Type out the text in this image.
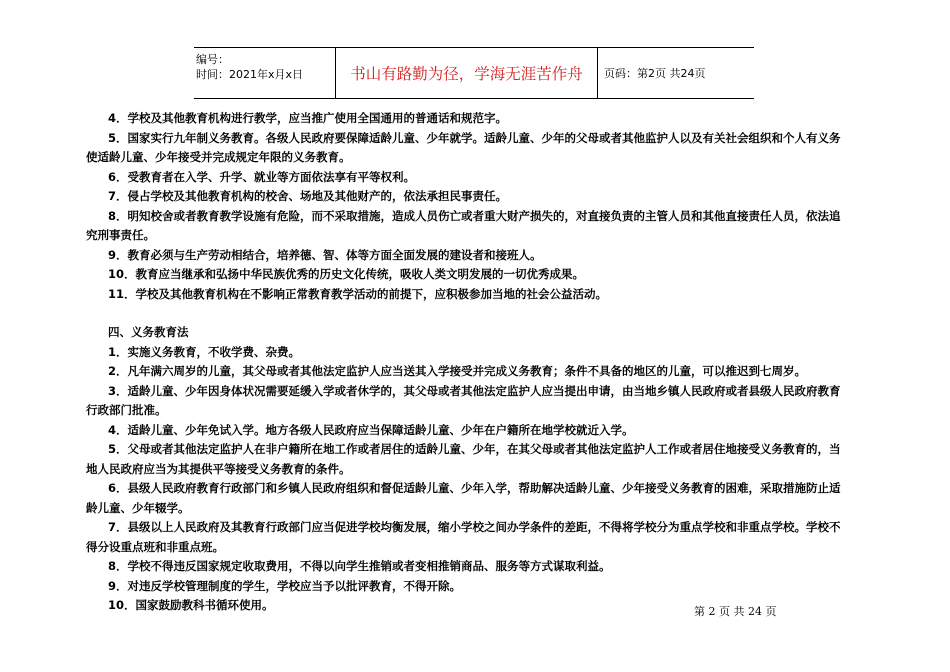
编号：
时间：2021年x月x日	书山有路勤为径，学海无涯苦作舟	页码：第2页 共24页
4．学校及其他教育机构进行教学，应当推广使用全国通用的普通话和规范字。
5．国家实行九年制义务教育。各级人民政府要保障适龄儿童、少年就学。适龄儿童、少年的父母或者其他监护人以及有关社会组织和个人有义务
使适龄儿童、少年接受并完成规定年限的义务教育。
6．受教育者在入学、升学、就业等方面依法享有平等权利。
7．侵占学校及其他教育机构的校舍、场地及其他财产的，依法承担民事责任。
8．明知校舍或者教育教学设施有危险，而不采取措施，造成人员伤亡或者重大财产损失的，对直接负责的主管人员和其他直接责任人员，依法追
究刑事责任。
9．教育必须与生产劳动相结合，培养德、智、体等方面全面发展的建设者和接班人。
10．教育应当继承和弘扬中华民族优秀的历史文化传统，吸收人类文明发展的一切优秀成果。
11．学校及其他教育机构在不影响正常教育教学活动的前提下，应积极参加当地的社会公益活动。
四、义务教育法
1．实施义务教育，不收学费、杂费。
2．凡年满六周岁的儿童，其父母或者其他法定监护人应当送其入学接受并完成义务教育；条件不具备的地区的儿童，可以推迟到七周岁。
3．适龄儿童、少年因身体状况需要延缓入学或者休学的，其父母或者其他法定监护人应当提出申请，由当地乡镇人民政府或者县级人民政府教育
行政部门批准。
4．适龄儿童、少年免试入学。地方各级人民政府应当保障适龄儿童、少年在户籍所在地学校就近入学。
5．父母或者其他法定监护人在非户籍所在地工作或者居住的适龄儿童、少年，在其父母或者其他法定监护人工作或者居住地接受义务教育的，当
地人民政府应当为其提供平等接受义务教育的条件。
6．县级人民政府教育行政部门和乡镇人民政府组织和督促适龄儿童、少年入学，帮助解决适龄儿童、少年接受义务教育的困难，采取措施防止适
龄儿童、少年辍学。
7．县级以上人民政府及其教育行政部门应当促进学校均衡发展，缩小学校之间办学条件的差距，不得将学校分为重点学校和非重点学校。学校不
得分设重点班和非重点班。
8．学校不得违反国家规定收取费用，不得以向学生推销或者变相推销商品、服务等方式谋取利益。
9．对违反学校管理制度的学生，学校应当予以批评教育，不得开除。
10．国家鼓励教科书循环使用。	第 2 页 共 24 页
